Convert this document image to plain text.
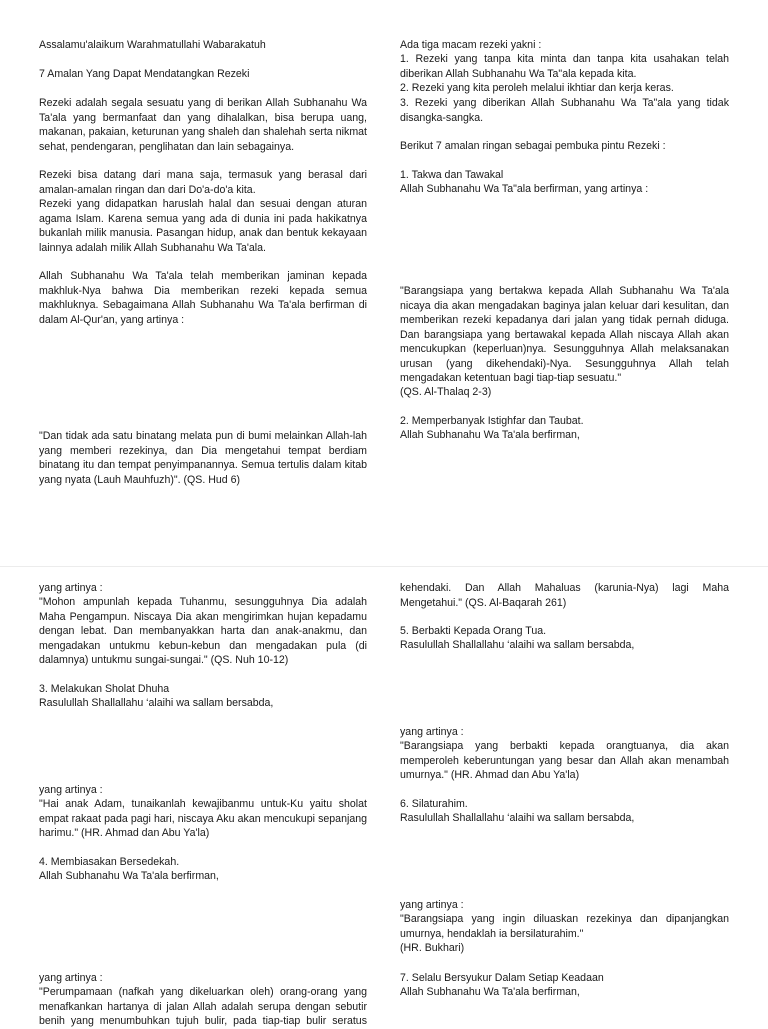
Assalamu'alaikum Warahmatullahi Wabarakatuh

7 Amalan Yang Dapat Mendatangkan Rezeki

Rezeki adalah segala sesuatu yang di berikan Allah Subhanahu Wa Ta'ala yang bermanfaat dan yang dihalalkan, bisa berupa uang, makanan, pakaian, keturunan yang shaleh dan shalehah serta nikmat sehat, pendengaran, penglihatan dan lain sebagainya.

Rezeki bisa datang dari mana saja, termasuk yang berasal dari amalan-amalan ringan dan dari Do'a-do'a kita.

Rezeki yang didapatkan haruslah halal dan sesuai dengan aturan agama Islam. Karena semua yang ada di dunia ini pada hakikatnya bukanlah milik manusia. Pasangan hidup, anak dan bentuk kekayaan lainnya adalah milik Allah Subhanahu Wa Ta'ala.

Allah Subhanahu Wa Ta'ala telah memberikan jaminan kepada makhluk-Nya bahwa Dia memberikan rezeki kepada semua makhluknya. Sebagaimana Allah Subhanahu Wa Ta'ala berfirman di dalam Al-Qur'an, yang artinya :

"Dan tidak ada satu binatang melata pun di bumi melainkan Allah-lah yang memberi rezekinya, dan Dia mengetahui tempat berdiam binatang itu dan tempat penyimpanannya. Semua tertulis dalam kitab yang nyata (Lauh Mauhfuzh)". (QS. Hud 6)

Ada tiga macam rezeki yakni :

1. Rezeki yang tanpa kita minta dan tanpa kita usahakan telah diberikan Allah Subhanahu Wa Ta"ala kepada kita.

2. Rezeki yang kita peroleh melalui ikhtiar dan kerja keras.

3. Rezeki yang diberikan Allah Subhanahu Wa Ta"ala yang tidak disangka-sangka.

Berikut 7 amalan ringan sebagai pembuka pintu Rezeki :

1. Takwa dan Tawakal

Allah Subhanahu Wa Ta"ala berfirman, yang artinya :

"Barangsiapa yang bertakwa kepada Allah Subhanahu Wa Ta'ala nicaya dia akan mengadakan baginya jalan keluar dari kesulitan, dan memberikan rezeki kepadanya dari jalan yang tidak pernah diduga. Dan barangsiapa yang bertawakal kepada Allah niscaya Allah akan mencukupkan (keperluan)nya. Sesungguhnya Allah melaksanakan urusan (yang dikehendaki)-Nya. Sesungguhnya Allah telah mengadakan ketentuan bagi tiap-tiap sesuatu."

(QS. Al-Thalaq 2-3)

2. Memperbanyak Istighfar dan Taubat.

Allah Subhanahu Wa Ta'ala berfirman,

yang artinya :

"Mohon ampunlah kepada Tuhanmu, sesungguhnya Dia adalah Maha Pengampun. Niscaya Dia akan mengirimkan hujan kepadamu dengan lebat. Dan membanyakkan harta dan anak-anakmu, dan mengadakan untukmu kebun-kebun dan mengadakan pula (di dalamnya) untukmu sungai-sungai." (QS. Nuh 10-12)

3. Melakukan Sholat Dhuha

Rasulullah Shallallahu ‘alaihi wa sallam bersabda,

yang artinya :

"Hai anak Adam, tunaikanlah kewajibanmu untuk-Ku yaitu sholat empat rakaat pada pagi hari, niscaya Aku akan mencukupi sepanjang harimu." (HR. Ahmad dan Abu Ya'la)

4. Membiasakan Bersedekah.

Allah Subhanahu Wa Ta'ala berfirman,

yang artinya :

"Perumpamaan (nafkah yang dikeluarkan oleh) orang-orang yang
menafkankan hartanya di jalan Allah adalah serupa dengan sebutir
benih yang menumbuhkan tujuh bulir, pada tiap-tiap bulir seratus

kehendaki. Dan Allah Mahaluas (karunia-Nya) lagi Maha Mengetahui." (QS. Al-Baqarah 261)

5. Berbakti Kepada Orang Tua.

Rasulullah Shallallahu ‘alaihi wa sallam bersabda,

yang artinya :

"Barangsiapa yang berbakti kepada orangtuanya, dia akan memperoleh keberuntungan yang besar dan Allah akan menambah umurnya." (HR. Ahmad dan Abu Ya'la)

6. Silaturahim.

Rasulullah Shallallahu ‘alaihi wa sallam bersabda,

yang artinya :

"Barangsiapa yang ingin diluaskan rezekinya dan dipanjangkan umurnya, hendaklah ia bersilaturahim."

(HR. Bukhari)

7. Selalu Bersyukur Dalam Setiap Keadaan

Allah Subhanahu Wa Ta'ala berfirman,
